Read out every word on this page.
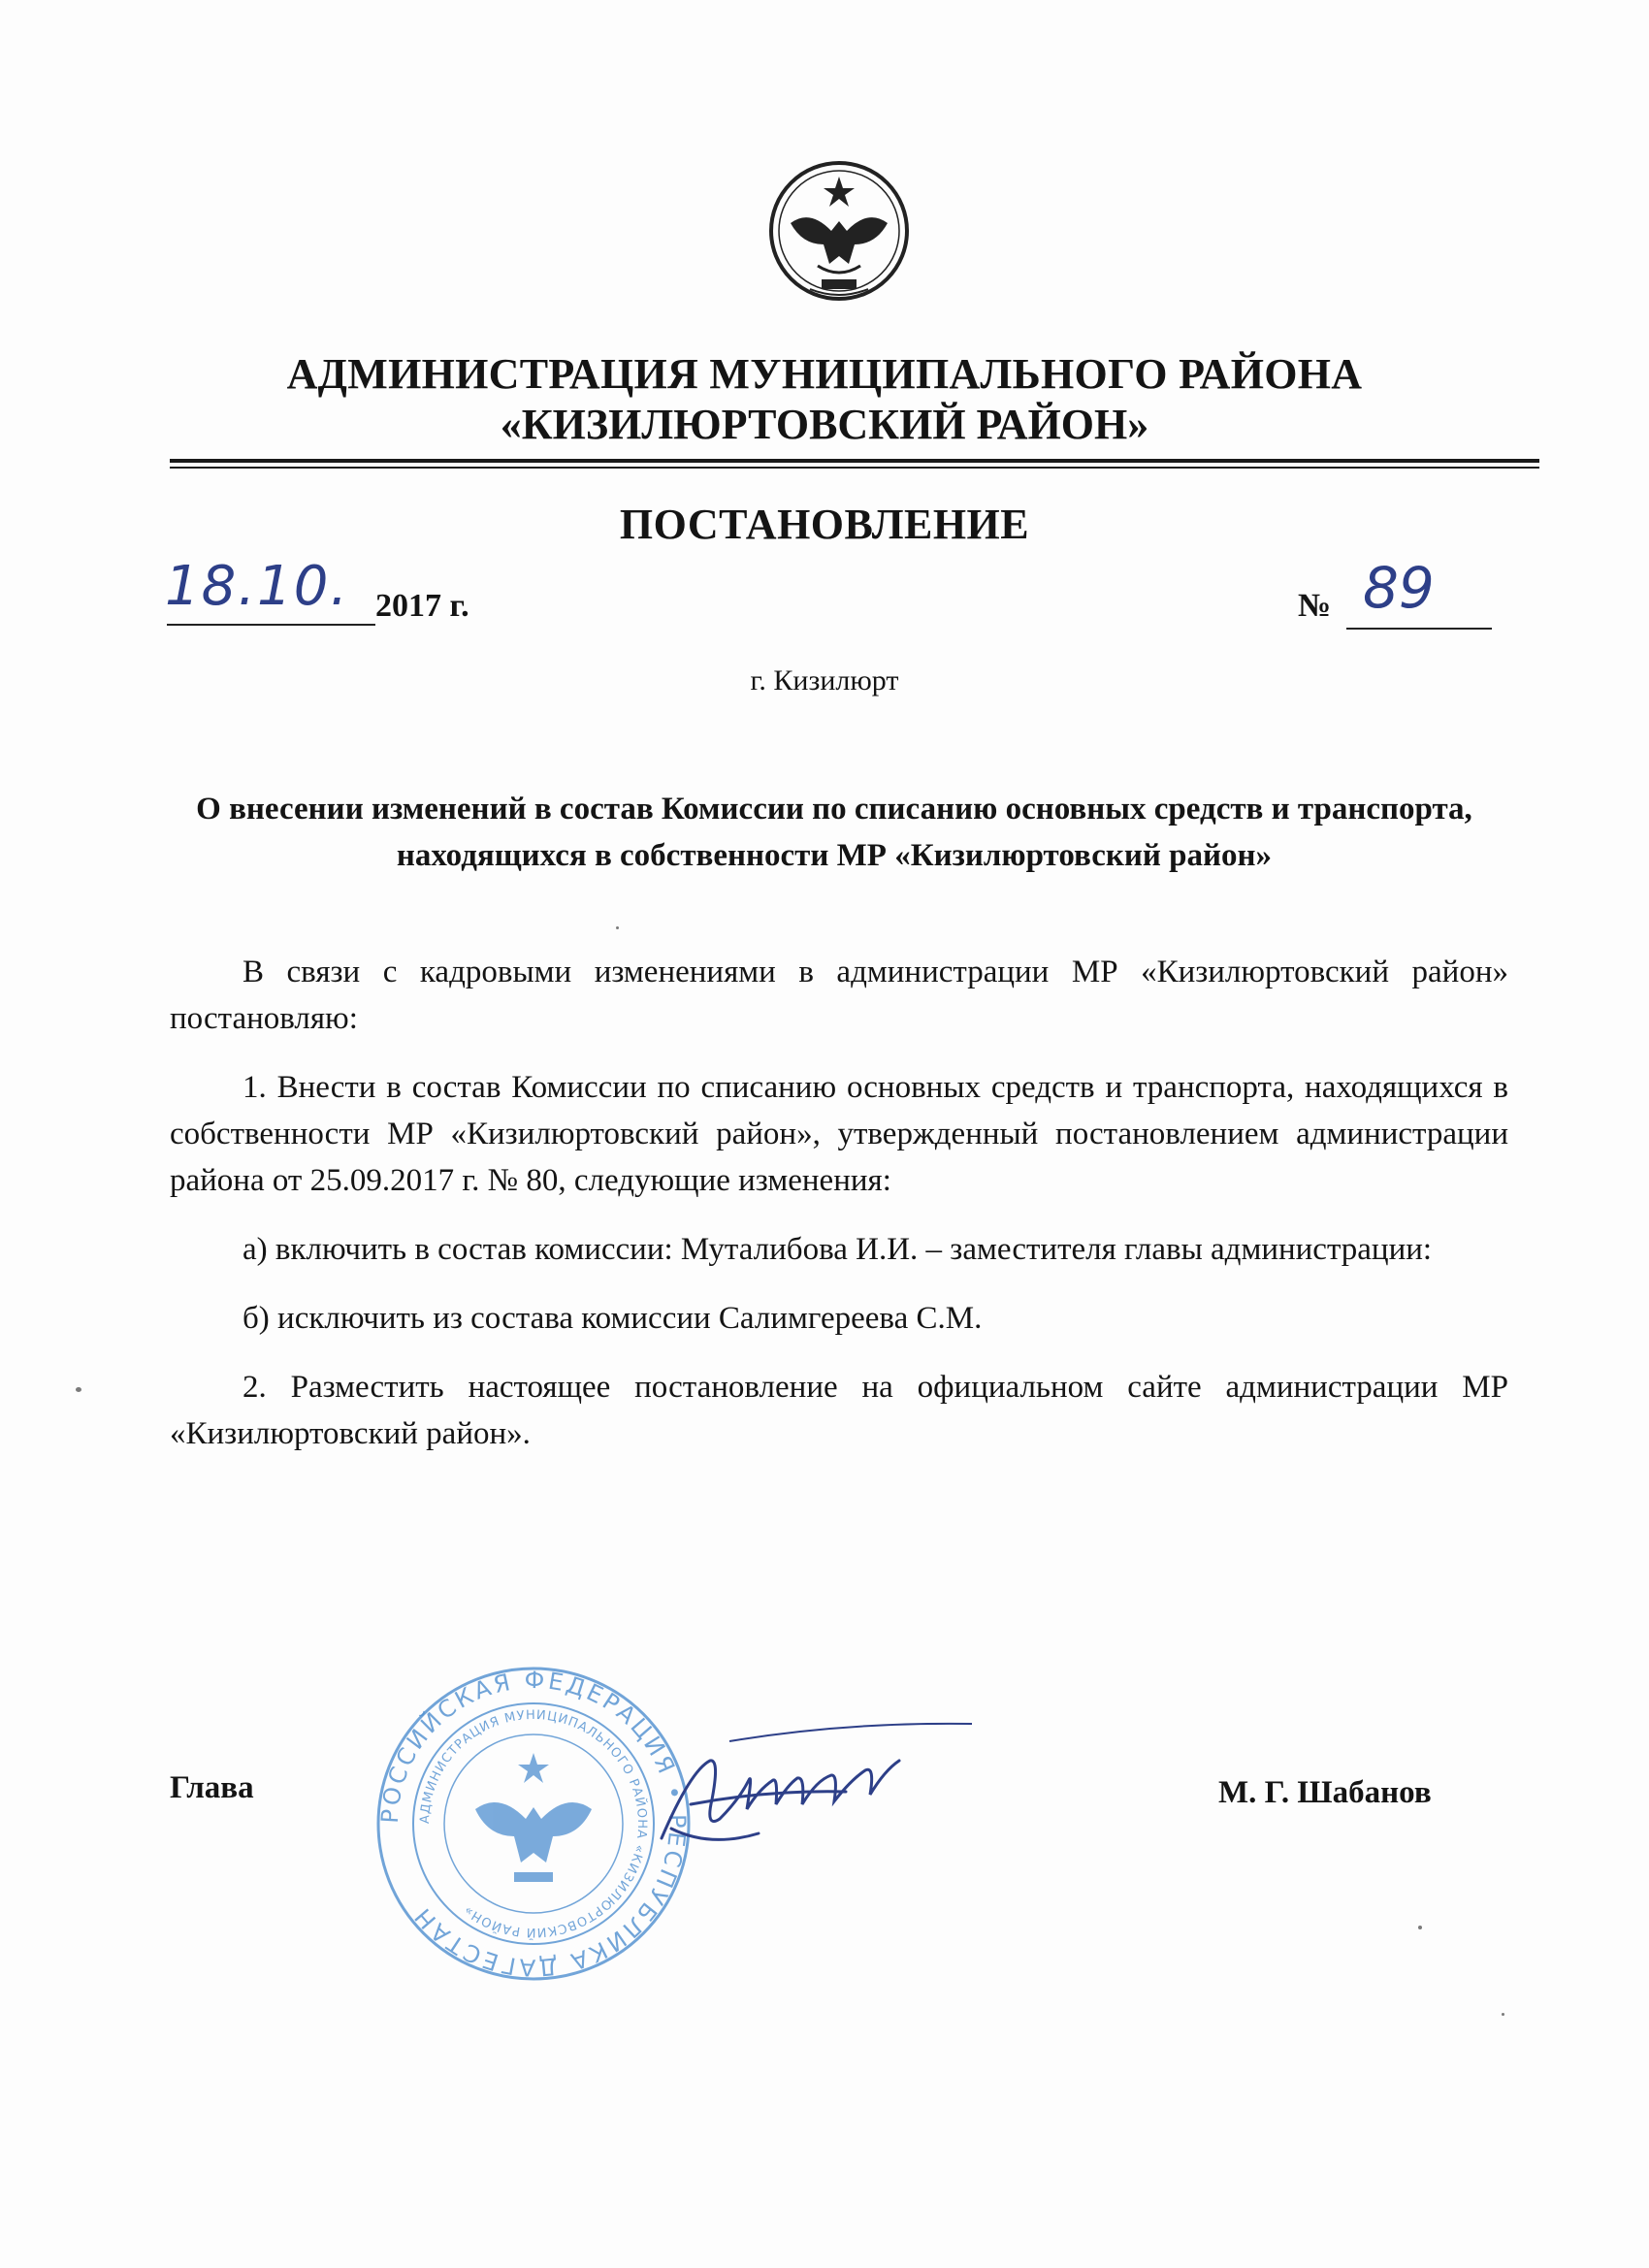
АДМИНИСТРАЦИЯ МУНИЦИПАЛЬНОГО РАЙОНА
«КИЗИЛЮРТОВСКИЙ РАЙОН»
ПОСТАНОВЛЕНИЕ
18.10. 2017 г.	№ 89
г. Кизилюрт
О внесении изменений в состав Комиссии по списанию основных средств и транспорта, находящихся в собственности МР «Кизилюртовский район»

В связи с кадровыми изменениями в администрации МР «Кизилюртовский район» постановляю:

1. Внести в состав Комиссии по списанию основных средств и транспорта, находящихся в собственности МР «Кизилюртовский район», утвержденный постановлением администрации района от 25.09.2017 г. № 80, следующие изменения:

а) включить в состав комиссии: Муталибова И.И. – заместителя главы администрации:

б) исключить из состава комиссии Салимгереева С.М.

2. Разместить настоящее постановление на официальном сайте администрации МР «Кизилюртовский район».

РОССИЙСКАЯ ФЕДЕРАЦИЯ • РЕСПУБЛИКА ДАГЕСТАН
АДМИНИСТРАЦИЯ МУНИЦИПАЛЬНОГО РАЙОНА «КИЗИЛЮРТОВСКИЙ РАЙОН»
Глава	М. Г. Шабанов
